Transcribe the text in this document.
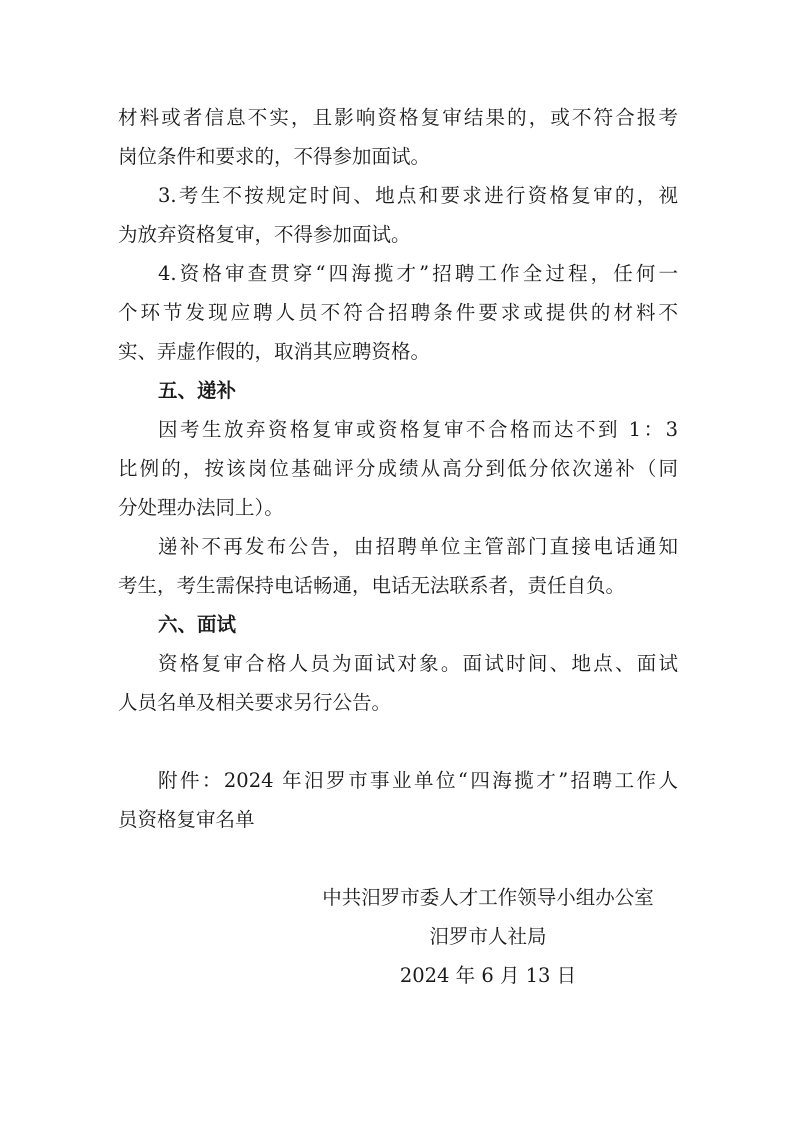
材料或者信息不实，且影响资格复审结果的，或不符合报考
岗位条件和要求的，不得参加面试。
3.考生不按规定时间、地点和要求进行资格复审的，视
为放弃资格复审，不得参加面试。
4.资格审查贯穿“四海揽才”招聘工作全过程，任何一
个环节发现应聘人员不符合招聘条件要求或提供的材料不
实、弄虚作假的，取消其应聘资格。
五、递补
因考生放弃资格复审或资格复审不合格而达不到 1：3
比例的，按该岗位基础评分成绩从高分到低分依次递补（同
分处理办法同上）。
递补不再发布公告，由招聘单位主管部门直接电话通知
考生，考生需保持电话畅通，电话无法联系者，责任自负。
六、面试
资格复审合格人员为面试对象。面试时间、地点、面试
人员名单及相关要求另行公告。
附件：2024 年汨罗市事业单位“四海揽才”招聘工作人
员资格复审名单
中共汨罗市委人才工作领导小组办公室
汨罗市人社局
2024 年 6 月 13 日
